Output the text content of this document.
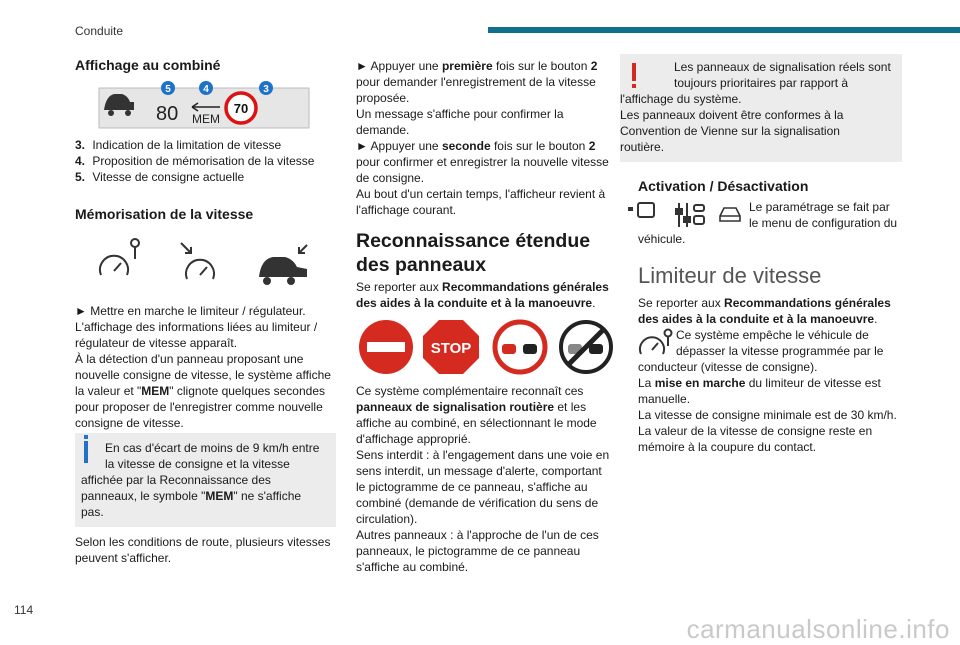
Conduite
Affichage au combiné
5	4	3
80 MEM
70
3. Indication de la limitation de vitesse
4. Proposition de mémorisation de la vitesse
5. Vitesse de consigne actuelle
Mémorisation de la vitesse
► Mettre en marche le limiteur / régulateur.
L'affichage des informations liées au limiteur /
régulateur de vitesse apparaît.
À la détection d'un panneau proposant une
nouvelle consigne de vitesse, le système affiche
la valeur et "MEM" clignote quelques secondes
pour proposer de l'enregistrer comme nouvelle
consigne de vitesse.
En cas d'écart de moins de 9 km/h entre
la vitesse de consigne et la vitesse
affichée par la Reconnaissance des
panneaux, le symbole "MEM" ne s'affiche
pas.
Selon les conditions de route, plusieurs vitesses
peuvent s'afficher.
► Appuyer une première fois sur le bouton 2
pour demander l'enregistrement de la vitesse
proposée.
Un message s'affiche pour confirmer la
demande.
► Appuyer une seconde fois sur le bouton 2
pour confirmer et enregistrer la nouvelle vitesse
de consigne.
Au bout d'un certain temps, l'afficheur revient à
l'affichage courant.
Reconnaissance étendue
des panneaux
Se reporter aux Recommandations générales
des aides à la conduite et à la manoeuvre.
STOP
Ce système complémentaire reconnaît ces
panneaux de signalisation routière et les
affiche au combiné, en sélectionnant le mode
d'affichage approprié.
Sens interdit : à l'engagement dans une voie en
sens interdit, un message d'alerte, comportant
le pictogramme de ce panneau, s'affiche au
combiné (demande de vérification du sens de
circulation).
Autres panneaux : à l'approche de l'un de ces
panneaux, le pictogramme de ce panneau
s'affiche au combiné.
Les panneaux de signalisation réels sont
toujours prioritaires par rapport à
l'affichage du système.
Les panneaux doivent être conformes à la
Convention de Vienne sur la signalisation
routière.
Activation / Désactivation
Le paramétrage se fait par
le menu de configuration du
véhicule.
Limiteur de vitesse
Se reporter aux Recommandations générales
des aides à la conduite et à la manoeuvre.
Ce système empêche le véhicule de
dépasser la vitesse programmée par le
conducteur (vitesse de consigne).
La mise en marche du limiteur de vitesse est
manuelle.
La vitesse de consigne minimale est de 30 km/h.
La valeur de la vitesse de consigne reste en
mémoire à la coupure du contact.
114
carmanualsonline.info
